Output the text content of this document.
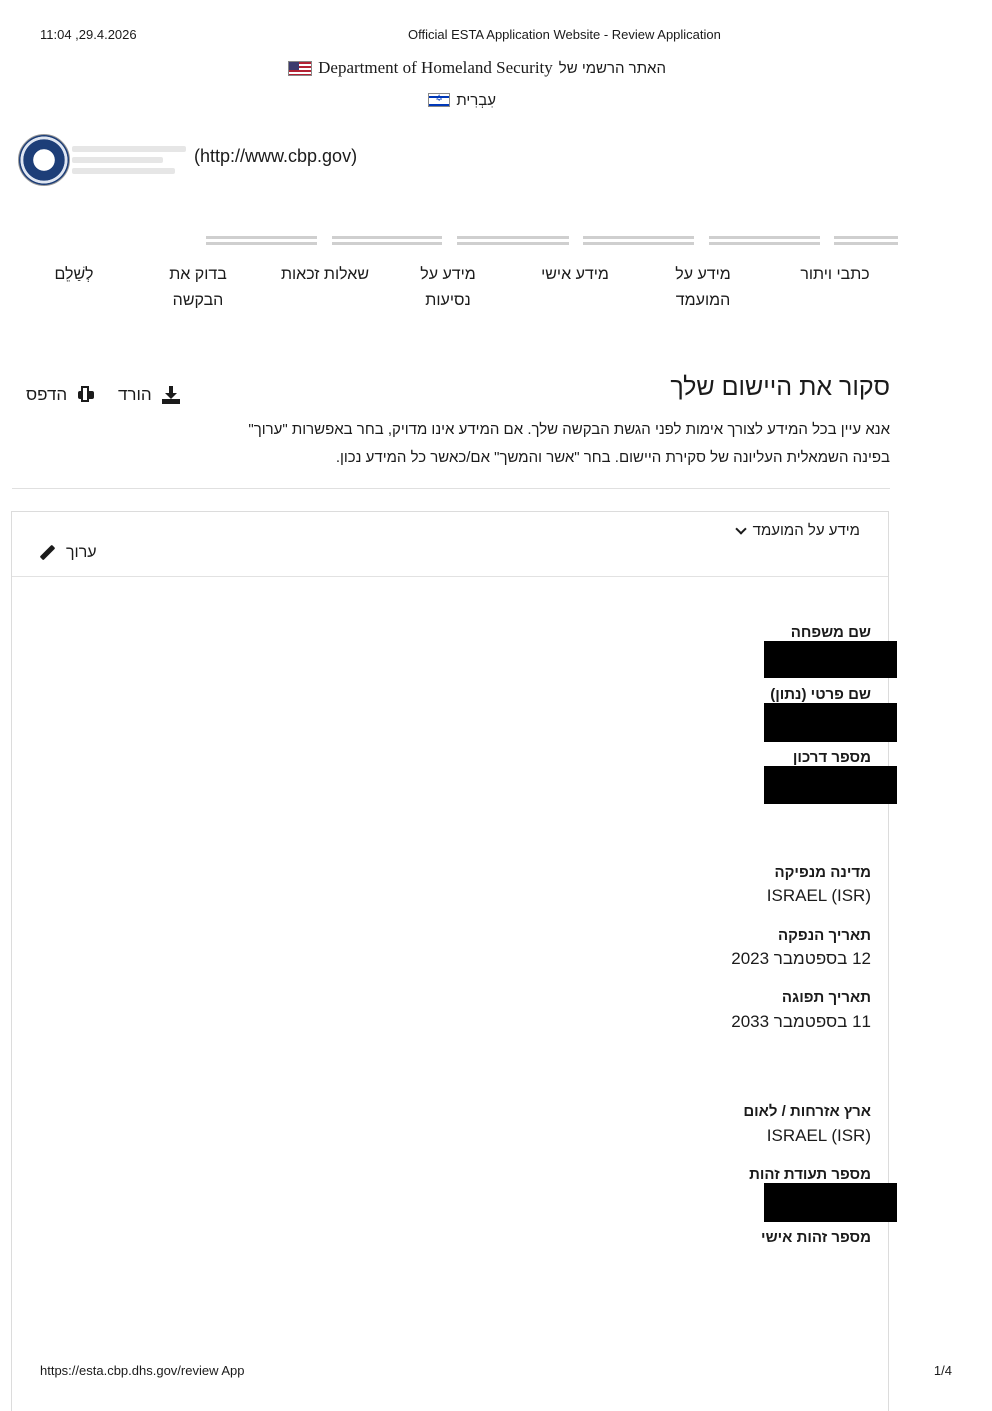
11:04 ,29.4.2026	Official ESTA Application Website - Review Application
האתר הרשמי של
Department of Homeland Security
עִבְרִית
✡
✦	(http://www.cbp.gov)
כתבי ויתור
מידע על המועמד
מידע אישי
מידע על נסיעות
שאלות זכאות
בדוק את הבקשה
לְשַׁלֵם
סקור את היישום שלך
הורד
הדפס
אנא עיין בכל המידע לצורך אימות לפני הגשת הבקשה שלך. אם המידע אינו מדויק, בחר באפשרות "ערוך"
בפינה השמאלית העליונה של סקירת היישום. בחר "אשר והמשך" אם/כאשר כל המידע נכון.
מידע על המועמד
ערוך
שם משפחה
שם פרטי (נתון)
מספר דרכון
מדינה מנפיקה
ISRAEL (ISR)
תאריך הנפקה
12 בספטמבר 2023
תאריך תפוגה
11 בספטמבר 2033
ארץ אזרחות / לאום
ISRAEL (ISR)
מספר תעודת זהות
מספר זהות אישי
https://esta.cbp.dhs.gov/review App	1/4
